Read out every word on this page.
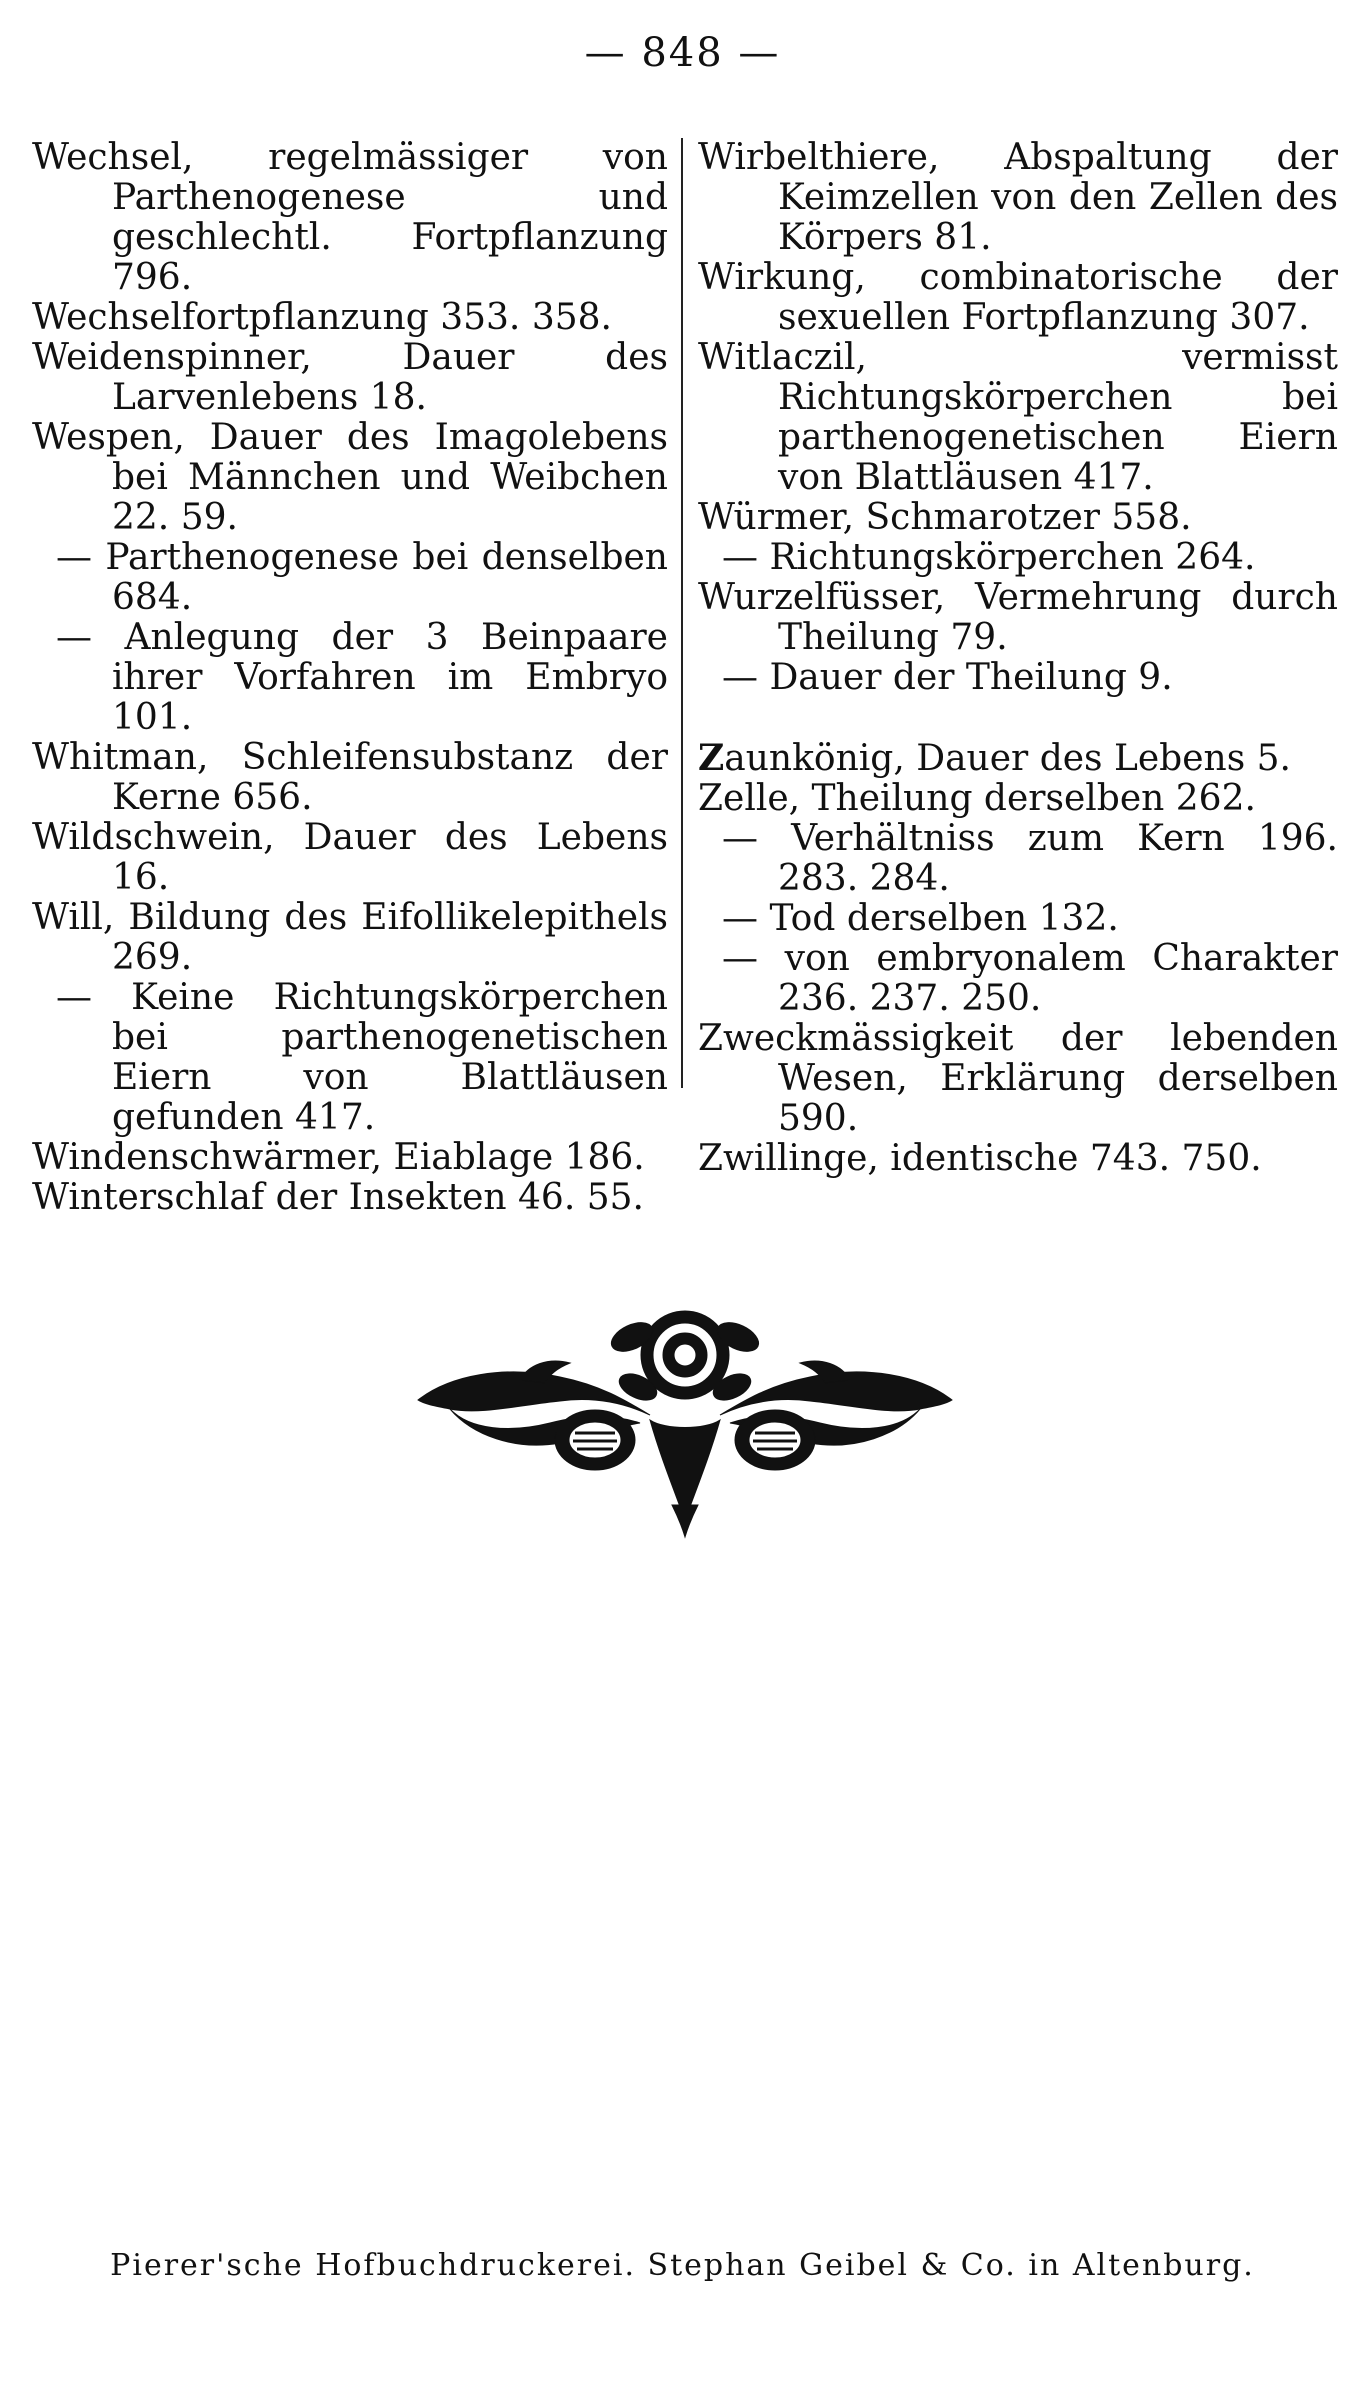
— 848 —
Wechsel, regelmässiger von Parthenogenese und geschlechtl. Fortpflanzung 796.
Wechselfortpflanzung 353. 358.
Weidenspinner, Dauer des Larvenlebens 18.
Wespen, Dauer des Imagolebens bei Männchen und Weibchen 22. 59.
— Parthenogenese bei denselben 684.
— Anlegung der 3 Beinpaare ihrer Vorfahren im Embryo 101.
Whitman, Schleifensubstanz der Kerne 656.
Wildschwein, Dauer des Lebens 16.
Will, Bildung des Eifollikelepithels 269.
— Keine Richtungskörperchen bei parthenogenetischen Eiern von Blattläusen gefunden 417.
Windenschwärmer, Eiablage 186.
Winterschlaf der Insekten 46. 55.
Wirbelthiere, Abspaltung der Keimzellen von den Zellen des Körpers 81.
Wirkung, combinatorische der sexuellen Fortpflanzung 307.
Witlaczil, vermisst Richtungskörperchen bei parthenogenetischen Eiern von Blattläusen 417.
Würmer, Schmarotzer 558.
— Richtungskörperchen 264.
Wurzelfüsser, Vermehrung durch Theilung 79.
— Dauer der Theilung 9.
Zaunkönig, Dauer des Lebens 5.
Zelle, Theilung derselben 262.
— Verhältniss zum Kern 196. 283. 284.
— Tod derselben 132.
— von embryonalem Charakter 236. 237. 250.
Zweckmässigkeit der lebenden Wesen, Erklärung derselben 590.
Zwillinge, identische 743. 750.
Pierer'sche Hofbuchdruckerei. Stephan Geibel & Co. in Altenburg.
